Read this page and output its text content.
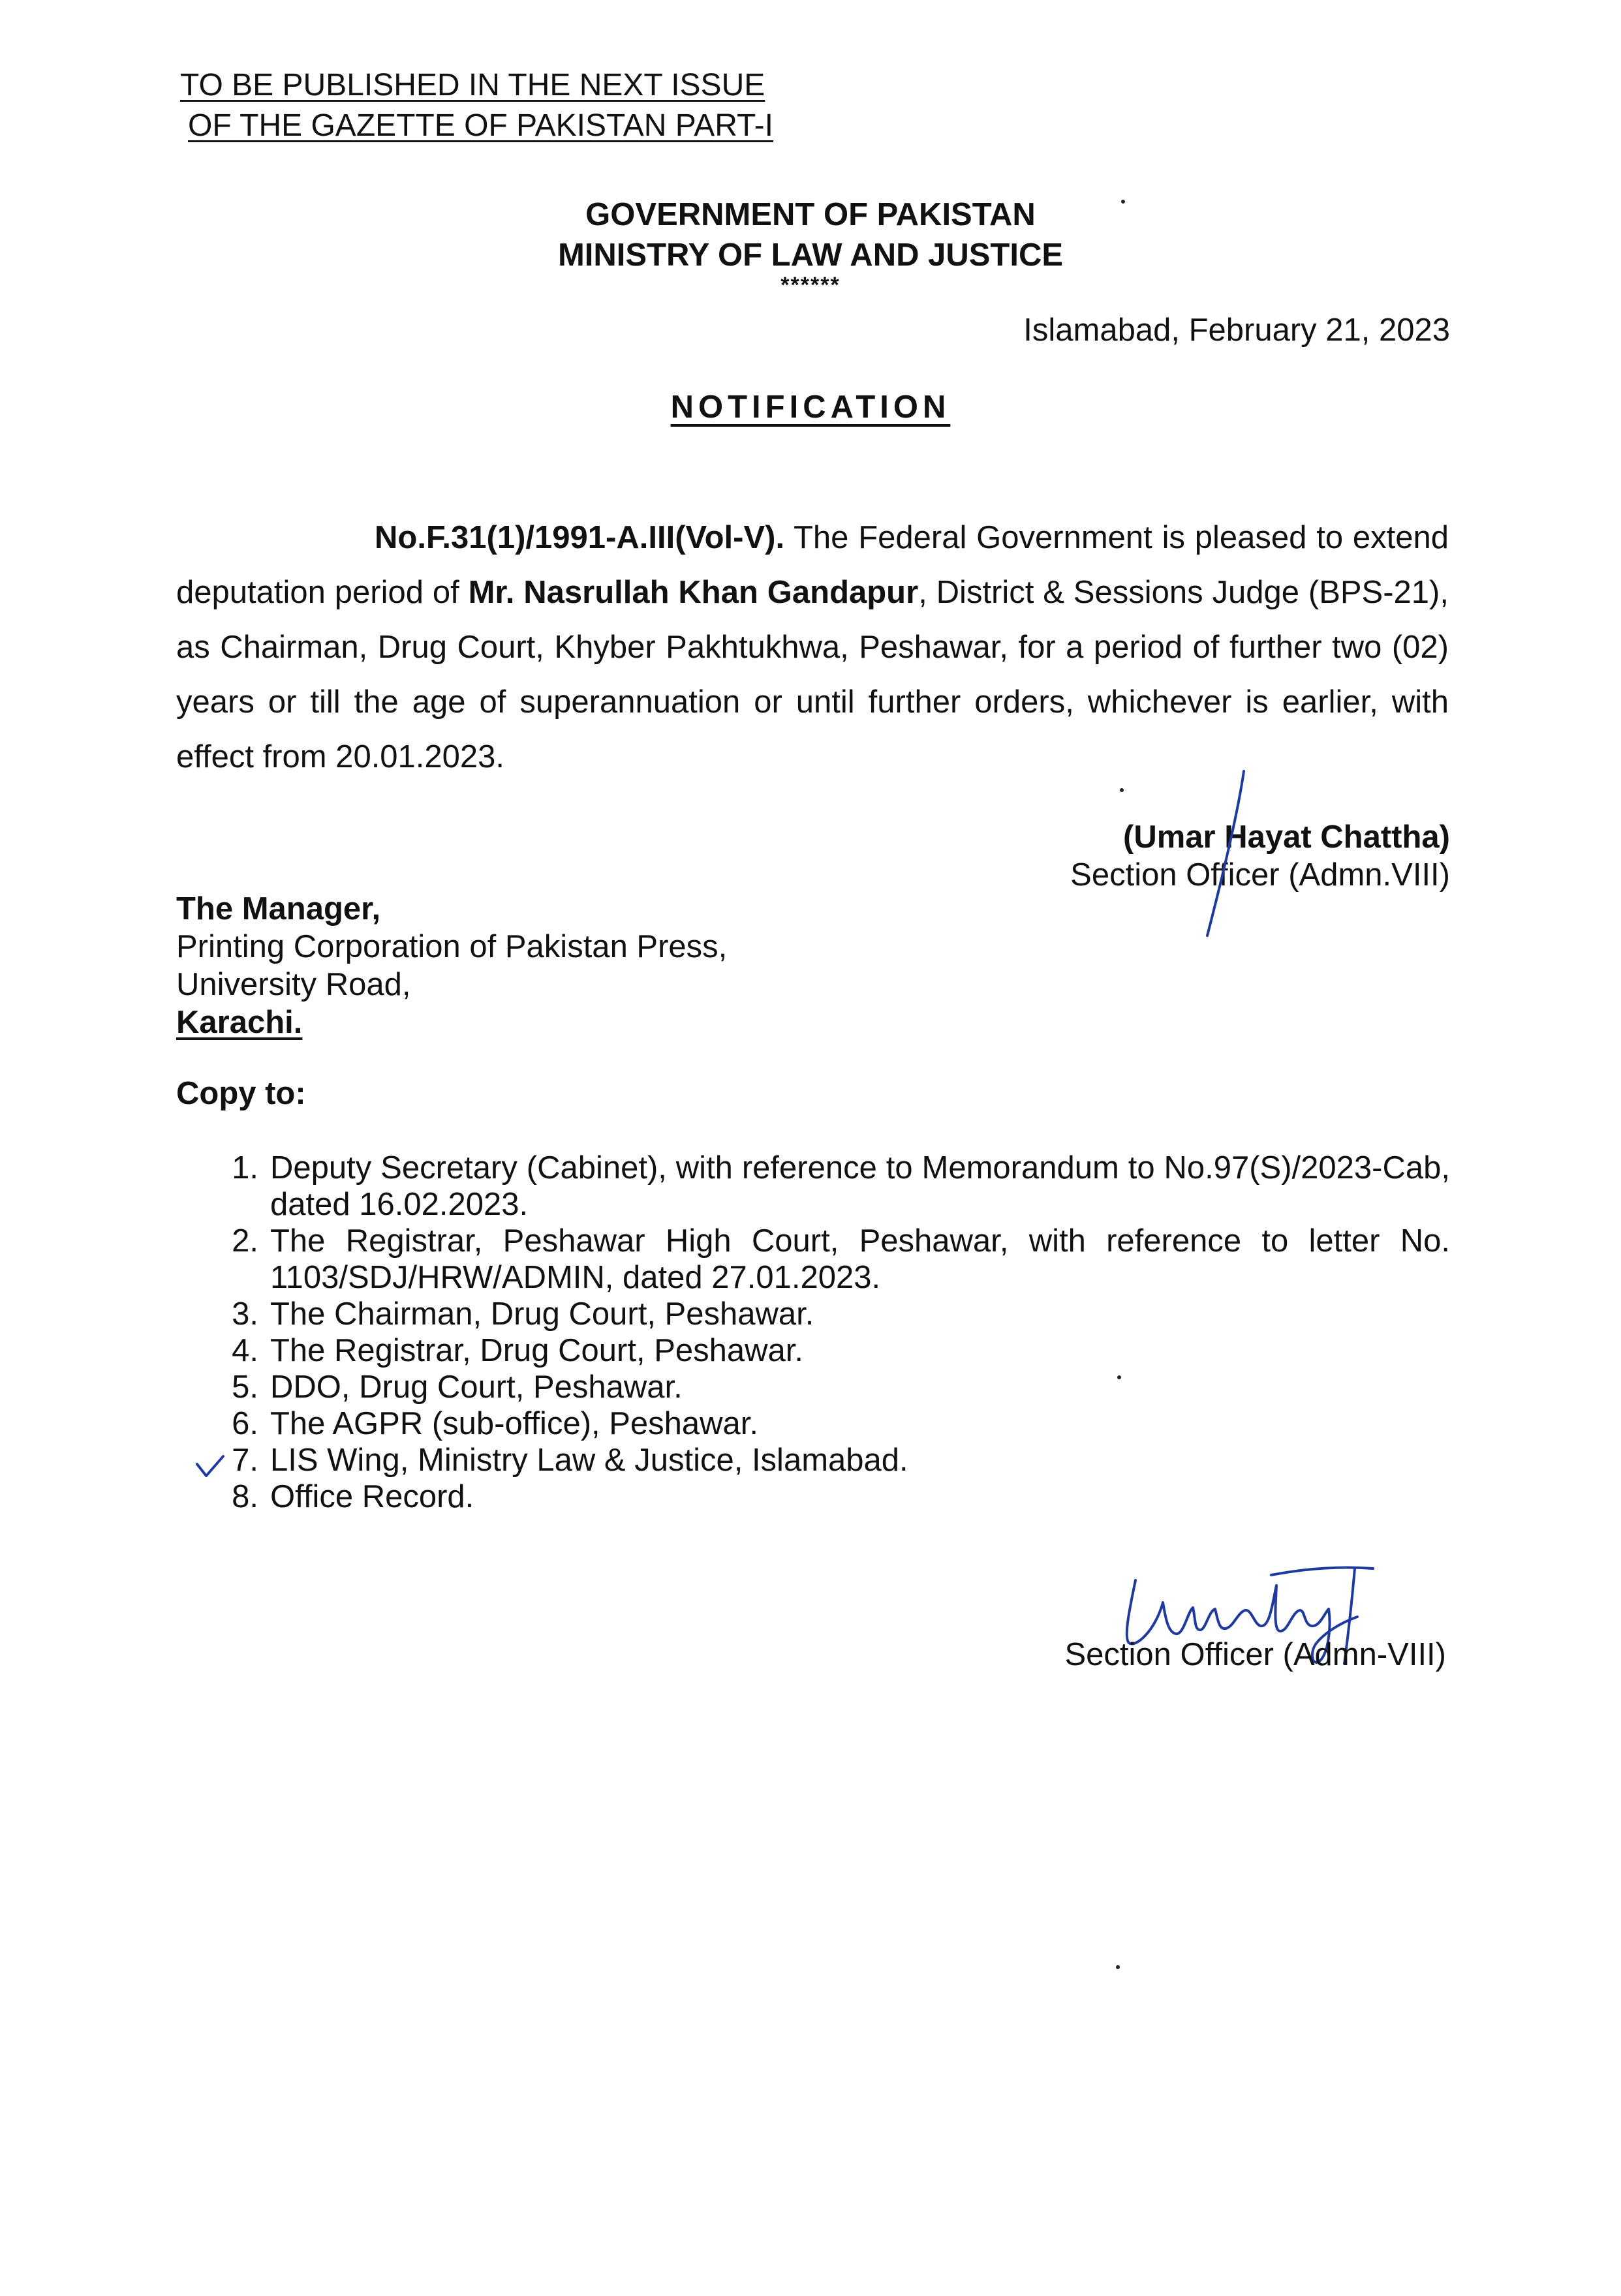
TO BE PUBLISHED IN THE NEXT ISSUE
OF THE GAZETTE OF PAKISTAN PART-I
GOVERNMENT OF PAKISTAN
MINISTRY OF LAW AND JUSTICE
******
Islamabad, February 21, 2023
NOTIFICATION

No.F.31(1)/1991-A.III(Vol-V). The Federal Government is pleased to extend deputation period of Mr. Nasrullah Khan Gandapur, District & Sessions Judge (BPS-21), as Chairman, Drug Court, Khyber Pakhtukhwa, Peshawar, for a period of further two (02) years or till the age of superannuation or until further orders, whichever is earlier, with effect from 20.01.2023.

(Umar Hayat Chattha)
Section Officer (Admn.VIII)
The Manager,
Printing Corporation of Pakistan Press,
University Road,
Karachi.
Copy to:
1. Deputy Secretary (Cabinet), with reference to Memorandum to No.97(S)/2023-Cab, dated 16.02.2023.
2. The Registrar, Peshawar High Court, Peshawar, with reference to letter No. 1103/SDJ/HRW/ADMIN, dated 27.01.2023.
3. The Chairman, Drug Court, Peshawar.
4. The Registrar, Drug Court, Peshawar.
5. DDO, Drug Court, Peshawar.
6. The AGPR (sub-office), Peshawar.
7. LIS Wing, Ministry Law & Justice, Islamabad.
8. Office Record.
Section Officer (Admn-VIII)
